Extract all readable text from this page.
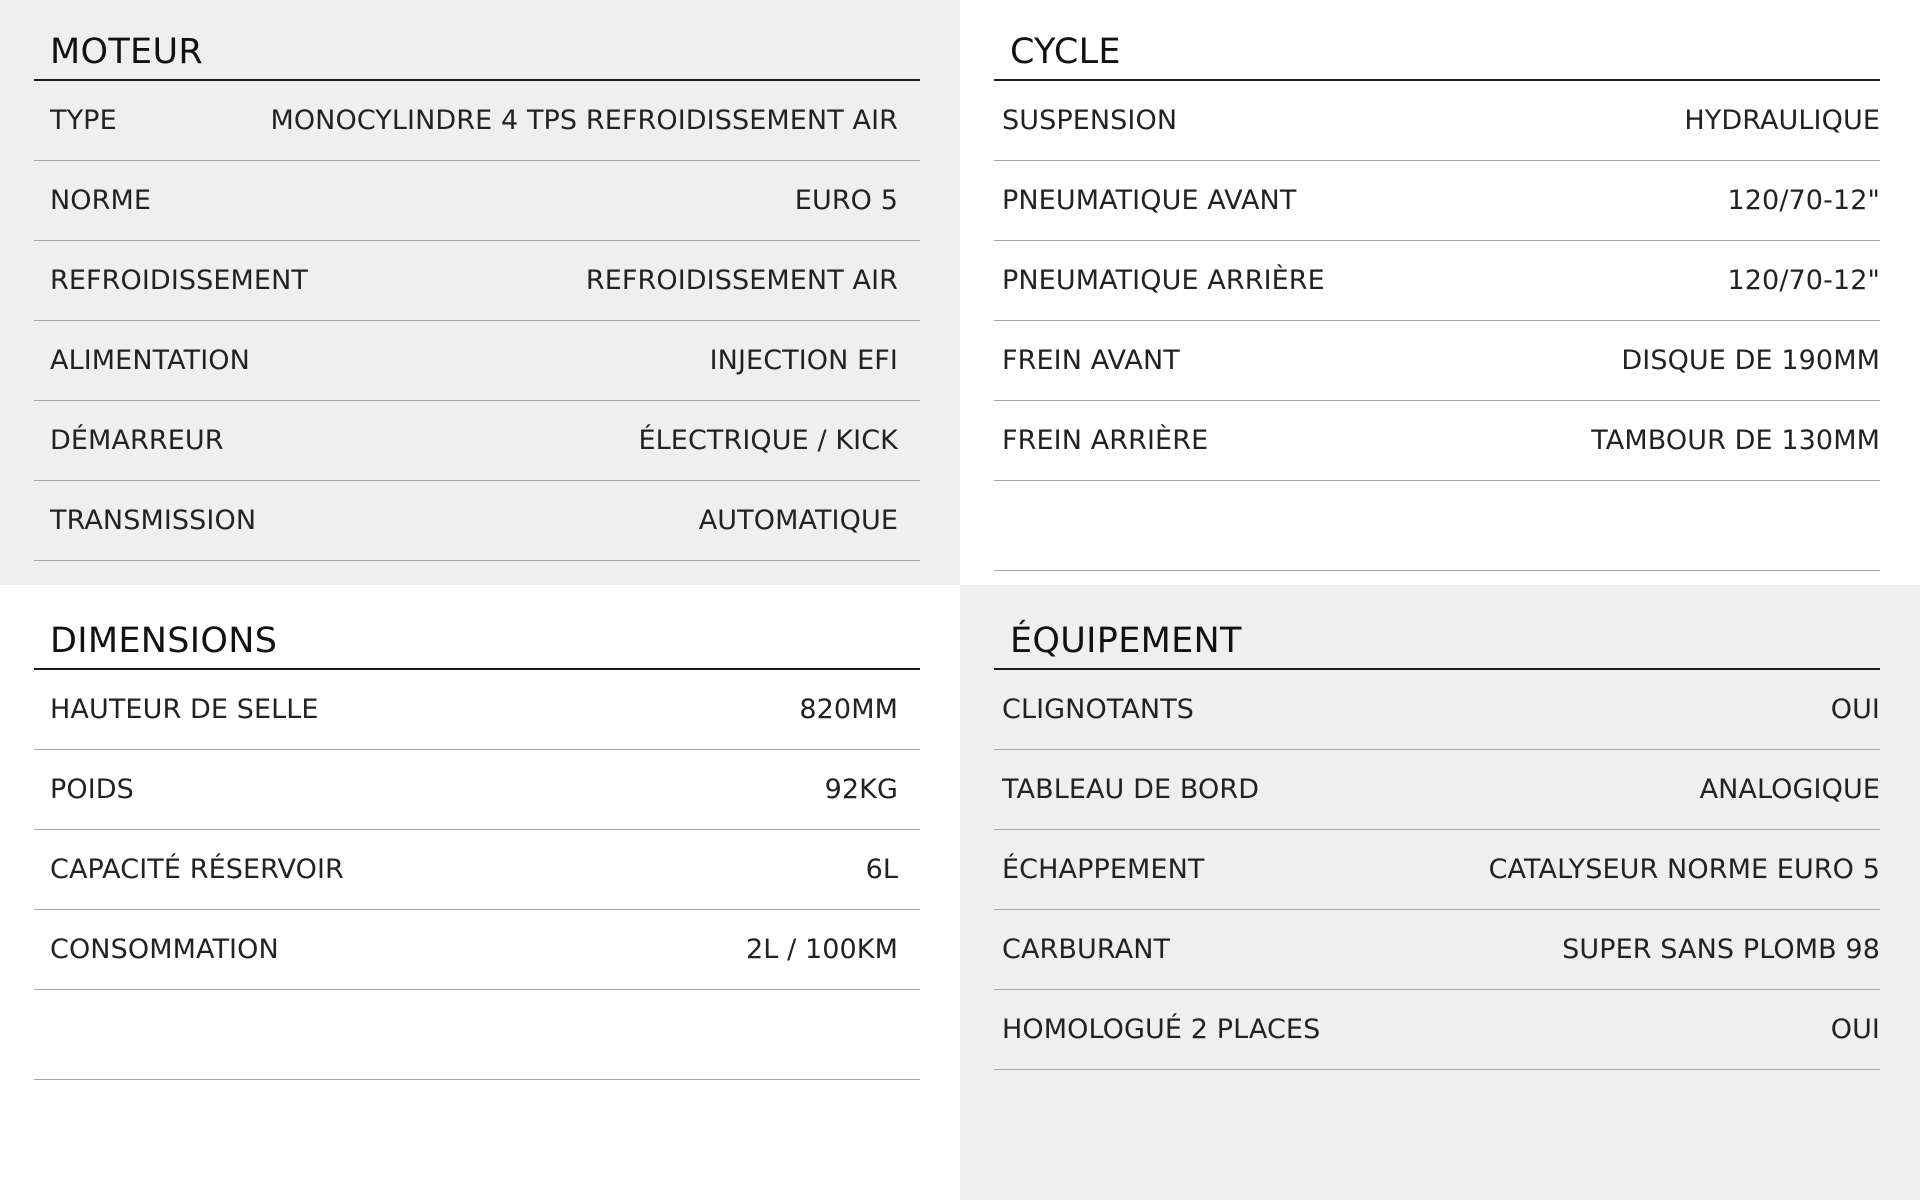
MOTEUR
TYPE	MONOCYLINDRE 4 TPS REFROIDISSEMENT AIR
NORME	EURO 5
REFROIDISSEMENT	REFROIDISSEMENT AIR
ALIMENTATION	INJECTION EFI
DÉMARREUR	ÉLECTRIQUE / KICK
TRANSMISSION	AUTOMATIQUE
CYCLE
SUSPENSION	HYDRAULIQUE
PNEUMATIQUE AVANT	120/70-12"
PNEUMATIQUE ARRIÈRE	120/70-12"
FREIN AVANT	DISQUE DE 190MM
FREIN ARRIÈRE	TAMBOUR DE 130MM
DIMENSIONS
HAUTEUR DE SELLE	820MM
POIDS	92KG
CAPACITÉ RÉSERVOIR	6L
CONSOMMATION	2L / 100KM
ÉQUIPEMENT
CLIGNOTANTS	OUI
TABLEAU DE BORD	ANALOGIQUE
ÉCHAPPEMENT	CATALYSEUR NORME EURO 5
CARBURANT	SUPER SANS PLOMB 98
HOMOLOGUÉ 2 PLACES	OUI
